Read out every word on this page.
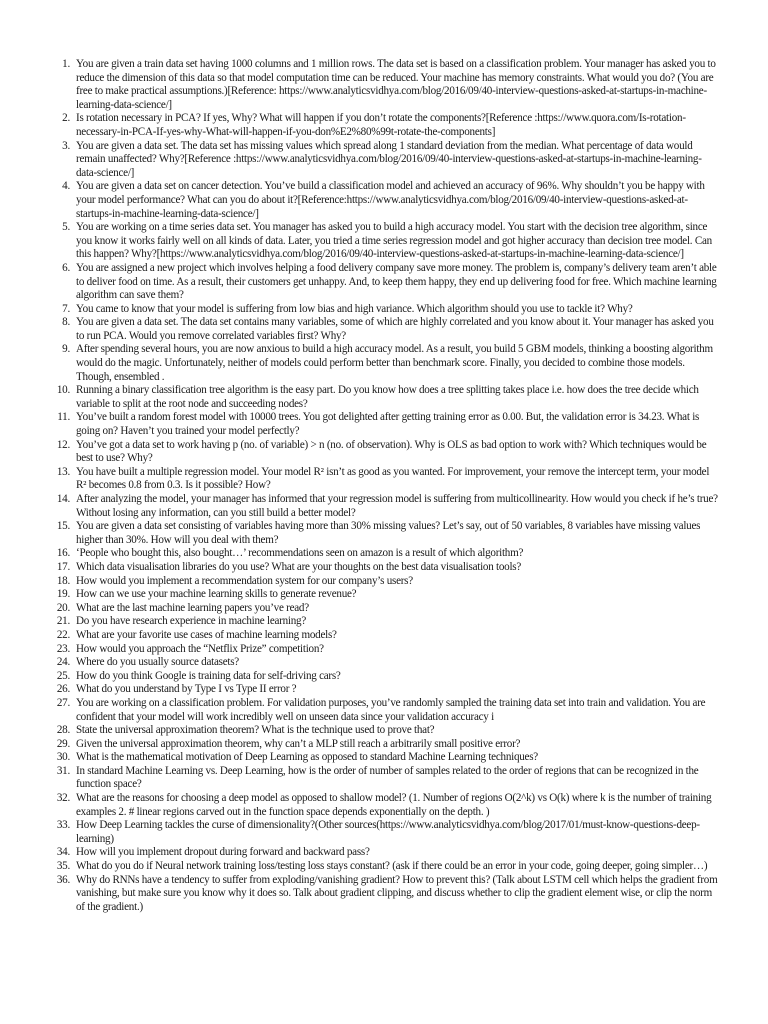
1. You are given a train data set having 1000 columns and 1 million rows. The data set is based on a classification problem. Your manager has asked you to reduce the dimension of this data so that model computation time can be reduced. Your machine has memory constraints. What would you do? (You are free to make practical assumptions.)[Reference: https://www.analyticsvidhya.com/blog/2016/09/40-interview-questions-asked-at-startups-in-machine-learning-data-science/]
2. Is rotation necessary in PCA? If yes, Why? What will happen if you don’t rotate the components?[Reference :https://www.quora.com/Is-rotation-necessary-in-PCA-If-yes-why-What-will-happen-if-you-don%E2%80%99t-rotate-the-components]
3. You are given a data set. The data set has missing values which spread along 1 standard deviation from the median. What percentage of data would remain unaffected? Why?[Reference :https://www.analyticsvidhya.com/blog/2016/09/40-interview-questions-asked-at-startups-in-machine-learning-data-science/]
4. You are given a data set on cancer detection. You’ve build a classification model and achieved an accuracy of 96%. Why shouldn’t you be happy with your model performance? What can you do about it?[Reference:https://www.analyticsvidhya.com/blog/2016/09/40-interview-questions-asked-at-startups-in-machine-learning-data-science/]
5. You are working on a time series data set. You manager has asked you to build a high accuracy model. You start with the decision tree algorithm, since you know it works fairly well on all kinds of data. Later, you tried a time series regression model and got higher accuracy than decision tree model. Can this happen? Why?[https://www.analyticsvidhya.com/blog/2016/09/40-interview-questions-asked-at-startups-in-machine-learning-data-science/]
6. You are assigned a new project which involves helping a food delivery company save more money. The problem is, company’s delivery team aren’t able to deliver food on time. As a result, their customers get unhappy. And, to keep them happy, they end up delivering food for free. Which machine learning algorithm can save them?
7. You came to know that your model is suffering from low bias and high variance. Which algorithm should you use to tackle it? Why?
8. You are given a data set. The data set contains many variables, some of which are highly correlated and you know about it. Your manager has asked you to run PCA. Would you remove correlated variables first? Why?
9. After spending several hours, you are now anxious to build a high accuracy model. As a result, you build 5 GBM models, thinking a boosting algorithm would do the magic. Unfortunately, neither of models could perform better than benchmark score. Finally, you decided to combine those models. Though, ensembled .
10. Running a binary classification tree algorithm is the easy part. Do you know how does a tree splitting takes place i.e. how does the tree decide which variable to split at the root node and succeeding nodes?
11. You’ve built a random forest model with 10000 trees. You got delighted after getting training error as 0.00. But, the validation error is 34.23. What is going on? Haven’t you trained your model perfectly?
12. You’ve got a data set to work having p (no. of variable) > n (no. of observation). Why is OLS as bad option to work with? Which techniques would be best to use? Why?
13. You have built a multiple regression model. Your model R² isn’t as good as you wanted. For improvement, your remove the intercept term, your model R² becomes 0.8 from 0.3. Is it possible? How?
14. After analyzing the model, your manager has informed that your regression model is suffering from multicollinearity. How would you check if he’s true? Without losing any information, can you still build a better model?
15. You are given a data set consisting of variables having more than 30% missing values? Let’s say, out of 50 variables, 8 variables have missing values higher than 30%. How will you deal with them?
16. ‘People who bought this, also bought…’ recommendations seen on amazon is a result of which algorithm?
17. Which data visualisation libraries do you use? What are your thoughts on the best data visualisation tools?
18. How would you implement a recommendation system for our company’s users?
19. How can we use your machine learning skills to generate revenue?
20. What are the last machine learning papers you’ve read?
21. Do you have research experience in machine learning?
22. What are your favorite use cases of machine learning models?
23. How would you approach the “Netflix Prize” competition?
24. Where do you usually source datasets?
25. How do you think Google is training data for self-driving cars?
26. What do you understand by Type I vs Type II error ?
27. You are working on a classification problem. For validation purposes, you’ve randomly sampled the training data set into train and validation. You are confident that your model will work incredibly well on unseen data since your validation accuracy i
28. State the universal approximation theorem? What is the technique used to prove that?
29. Given the universal approximation theorem, why can’t a MLP still reach a arbitrarily small positive error?
30. What is the mathematical motivation of Deep Learning as opposed to standard Machine Learning techniques?
31. In standard Machine Learning vs. Deep Learning, how is the order of number of samples related to the order of regions that can be recognized in the function space?
32. What are the reasons for choosing a deep model as opposed to shallow model? (1. Number of regions O(2^k) vs O(k) where k is the number of training examples 2. # linear regions carved out in the function space depends exponentially on the depth. )
33. How Deep Learning tackles the curse of dimensionality?(Other sources(https://www.analyticsvidhya.com/blog/2017/01/must-know-questions-deep-learning)
34. How will you implement dropout during forward and backward pass?
35. What do you do if Neural network training loss/testing loss stays constant? (ask if there could be an error in your code, going deeper, going simpler…)
36. Why do RNNs have a tendency to suffer from exploding/vanishing gradient? How to prevent this? (Talk about LSTM cell which helps the gradient from vanishing, but make sure you know why it does so. Talk about gradient clipping, and discuss whether to clip the gradient element wise, or clip the norm of the gradient.)
